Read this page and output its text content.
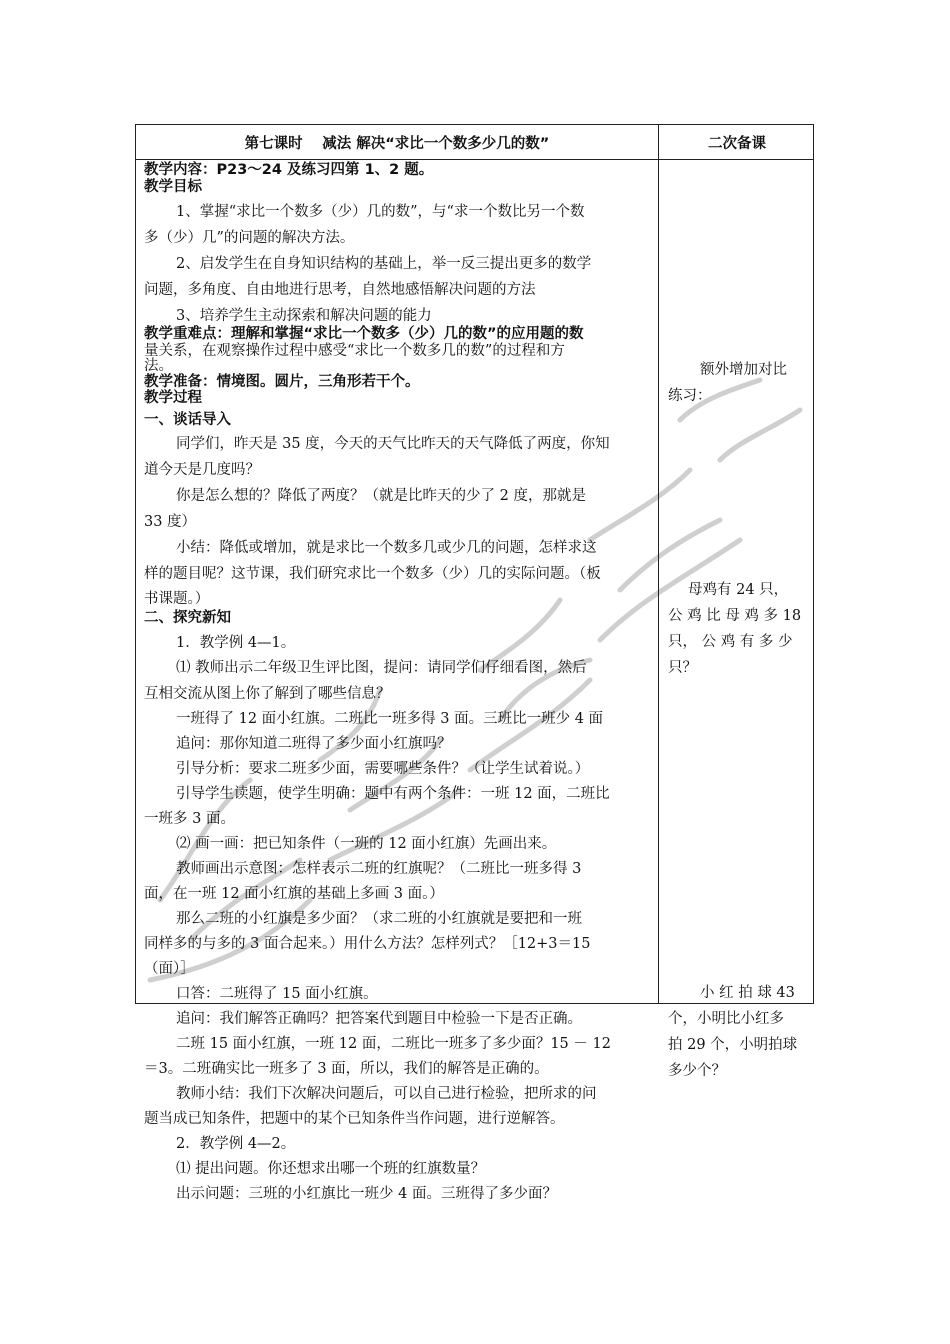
第七课时　 减法 解决“求比一个数多少几的数”	二次备课
教学内容：P23～24 及练习四第 1、2 题。
教学目标
1、掌握“求比一个数多（少）几的数”，与“求一个数比另一个数
多（少）几”的问题的解决方法。
2、启发学生在自身知识结构的基础上，举一反三提出更多的数学
问题，多角度、自由地进行思考，自然地感悟解决问题的方法
3、培养学生主动探索和解决问题的能力
教学重难点：理解和掌握“求比一个数多（少）几的数”的应用题的数
量关系，在观察操作过程中感受“求比一个数多几的数”的过程和方
法。
教学准备：情境图。圆片，三角形若干个。
教学过程
一、谈话导入
同学们，昨天是 35 度，今天的天气比昨天的天气降低了两度，你知
道今天是几度吗？
你是怎么想的？降低了两度？（就是比昨天的少了 2 度，那就是
33 度）
小结：降低或增加，就是求比一个数多几或少几的问题，怎样求这
样的题目呢？这节课，我们研究求比一个数多（少）几的实际问题。（板
书课题。）
二、探究新知
1．教学例 4—1。
⑴ 教师出示二年级卫生评比图，提问：请同学们仔细看图，然后
互相交流从图上你了解到了哪些信息？
一班得了 12 面小红旗。二班比一班多得 3 面。三班比一班少 4 面
追问：那你知道二班得了多少面小红旗吗？
引导分析：要求二班多少面，需要哪些条件？（让学生试着说。）
引导学生读题，使学生明确：题中有两个条件：一班 12 面，二班比
一班多 3 面。
⑵ 画一画：把已知条件（一班的 12 面小红旗）先画出来。
教师画出示意图：怎样表示二班的红旗呢？（二班比一班多得 3
面，在一班 12 面小红旗的基础上多画 3 面。）
那么二班的小红旗是多少面？（求二班的小红旗就是要把和一班
同样多的与多的 3 面合起来。）用什么方法？怎样列式？［12+3＝15
（面）］
口答：二班得了 15 面小红旗。
追问：我们解答正确吗？把答案代到题目中检验一下是否正确。
二班 15 面小红旗，一班 12 面，二班比一班多了多少面？15 － 12
＝3。二班确实比一班多了 3 面，所以，我们的解答是正确的。
教师小结：我们下次解决问题后，可以自己进行检验，把所求的问
题当成已知条件，把题中的某个已知条件当作问题，进行逆解答。
2．教学例 4—2。
⑴ 提出问题。你还想求出哪一个班的红旗数量？
出示问题：三班的小红旗比一班少 4 面。三班得了多少面？
额外增加对比
练习：
母鸡有 24 只，
公 鸡 比 母 鸡 多 18
只， 公 鸡 有 多 少
只？
小 红 拍 球 43
个，小明比小红多
拍 29 个，小明拍球
多少个？
